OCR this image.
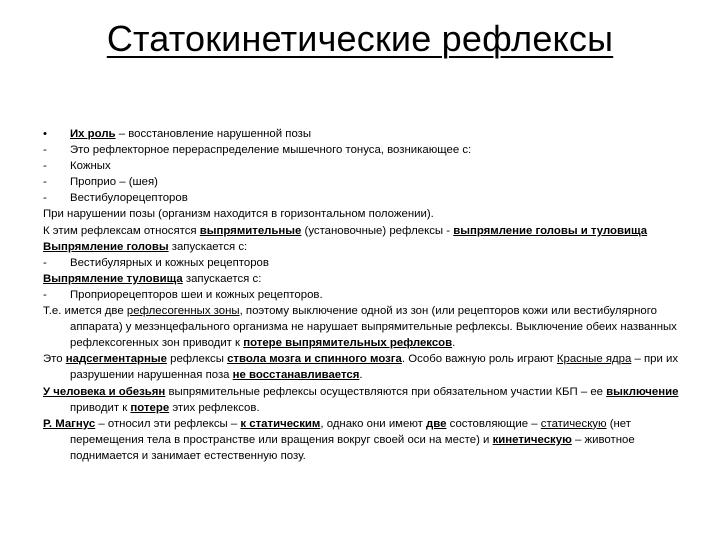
Статокинетические рефлексы
• Их роль – восстановление нарушенной позы
- Это рефлекторное перераспределение мышечного тонуса, возникающее с:
- Кожных
- Проприо – (шея)
- Вестибулорецепторов
При нарушении позы (организм находится в горизонтальном положении).
К этим рефлексам относятся выпрямительные (установочные) рефлексы - выпрямление головы и туловища
Выпрямление головы запускается с:
- Вестибулярных и кожных рецепторов
Выпрямление туловища запускается с:
- Проприорецепторов шеи и кожных рецепторов.
Т.е. имется две рефлесогенных зоны, поэтому выключение одной из зон (или рецепторов кожи или вестибулярного аппарата) у мезэнцефального организма не нарушает выпрямительные рефлексы. Выключение обеих названных рефлексогенных зон приводит к потере выпрямительных рефлексов.
Это надсегментарные рефлексы ствола мозга и спинного мозга. Особо важную роль играют Красные ядра – при их разрушении нарушенная поза не восстанавливается.
У человека и обезьян выпрямительные рефлексы осуществляются при обязательном участии КБП – ее выключение приводит к потере этих рефлексов.
Р. Магнус – относил эти рефлексы – к статическим, однако они имеют две состовляющие – статическую (нет перемещения тела в пространстве или вращения вокруг своей оси на месте) и кинетическую – животное поднимается и занимает естественную позу.
